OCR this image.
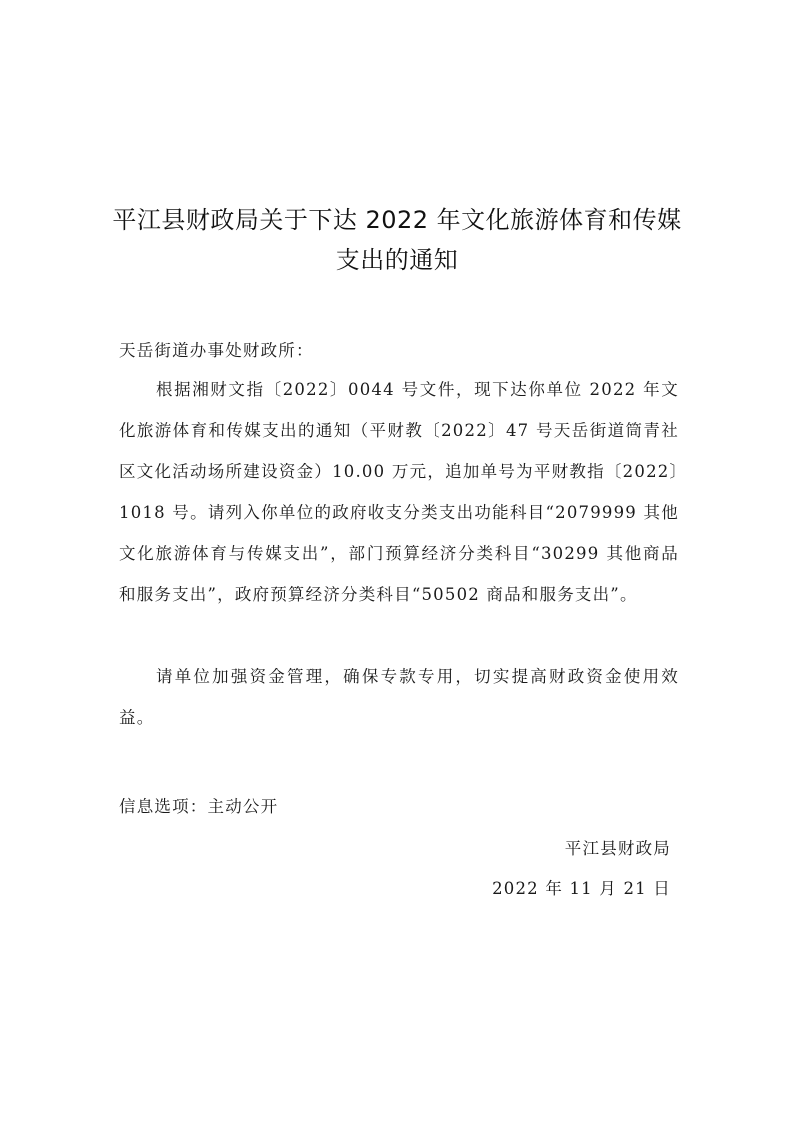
平江县财政局关于下达 2022 年文化旅游体育和传媒
支出的通知
天岳街道办事处财政所：
根据湘财文指〔2022〕0044 号文件，现下达你单位 2022 年文化旅游体育和传媒支出的通知（平财教〔2022〕47 号天岳街道筒青社区文化活动场所建设资金）10.00 万元，追加单号为平财教指〔2022〕1018 号。请列入你单位的政府收支分类支出功能科目“2079999 其他文化旅游体育与传媒支出”，部门预算经济分类科目“30299 其他商品和服务支出”，政府预算经济分类科目“50502 商品和服务支出”。
请单位加强资金管理，确保专款专用，切实提高财政资金使用效益。
信息选项：主动公开
平江县财政局
2022 年 11 月 21 日
